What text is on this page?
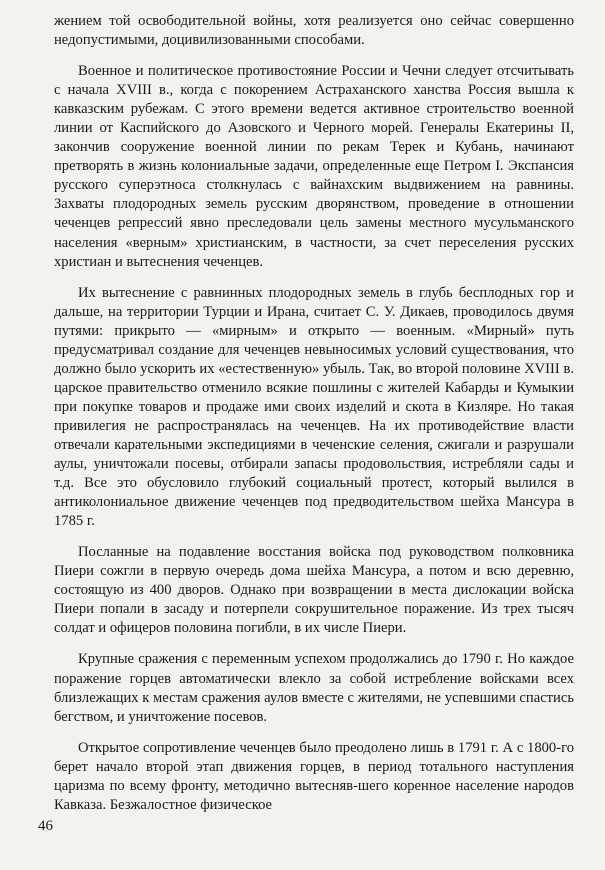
жением той освободительной войны, хотя реализуется оно сейчас совершенно недопустимыми, доцивилизованными способами.

Военное и политическое противостояние России и Чечни следует отсчитывать с начала XVIII в., когда с покорением Астраханского ханства Россия вышла к кавказским рубежам. С этого времени ведется активное строительство военной линии от Каспийского до Азовского и Черного морей. Генералы Екатерины II, закончив сооружение военной линии по рекам Терек и Кубань, начинают претворять в жизнь колониальные задачи, определенные еще Петром I. Экспансия русского суперэтноса столкнулась с вайнахским выдвижением на равнины. Захваты плодородных земель русским дворянством, проведение в отношении чеченцев репрессий явно преследовали цель замены местного мусульманского населения «верным» христианским, в частности, за счет переселения русских христиан и вытеснения чеченцев.

Их вытеснение с равнинных плодородных земель в глубь бесплодных гор и дальше, на территории Турции и Ирана, считает С. У. Дикаев, проводилось двумя путями: прикрыто — «мирным» и открыто — военным. «Мирный» путь предусматривал создание для чеченцев невыносимых условий существования, что должно было ускорить их «естественную» убыль. Так, во второй половине XVIII в. царское правительство отменило всякие пошлины с жителей Кабарды и Кумыкии при покупке товаров и продаже ими своих изделий и скота в Кизляре. Но такая привилегия не распространялась на чеченцев. На их противодействие власти отвечали карательными экспедициями в чеченские селения, сжигали и разрушали аулы, уничтожали посевы, отбирали запасы продовольствия, истребляли сады и т.д. Все это обусловило глубокий социальный протест, который вылился в антиколониальное движение чеченцев под предводительством шейха Мансура в 1785 г.

Посланные на подавление восстания войска под руководством полковника Пиери сожгли в первую очередь дома шейха Мансура, а потом и всю деревню, состоящую из 400 дворов. Однако при возвращении в места дислокации войска Пиери попали в засаду и потерпели сокрушительное поражение. Из трех тысяч солдат и офицеров половина погибли, в их числе Пиери.

Крупные сражения с переменным успехом продолжались до 1790 г. Но каждое поражение горцев автоматически влекло за собой истребление войсками всех близлежащих к местам сражения аулов вместе с жителями, не успевшими спастись бегством, и уничтожение посевов.

Открытое сопротивление чеченцев было преодолено лишь в 1791 г. А с 1800-го берет начало второй этап движения горцев, в период тотального наступления царизма по всему фронту, методично вытесняв-шего коренное население народов Кавказа. Безжалостное физическое

46
